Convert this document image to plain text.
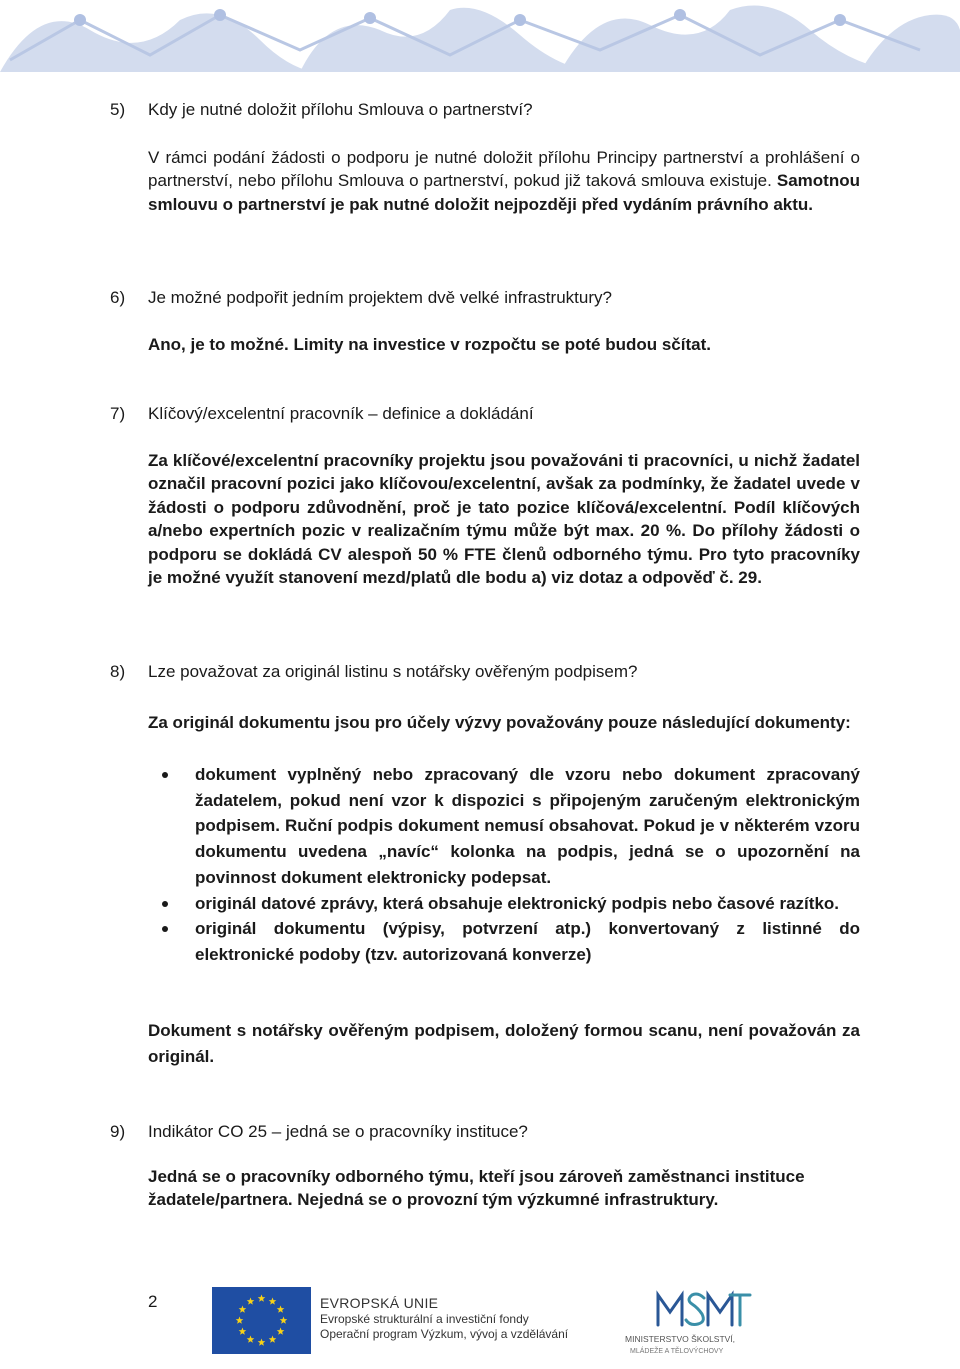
5) Kdy je nutné doložit přílohu Smlouva o partnerství?

V rámci podání žádosti o podporu je nutné doložit přílohu Principy partnerství a prohlášení o partnerství, nebo přílohu Smlouva o partnerství, pokud již taková smlouva existuje. Samotnou smlouvu o partnerství je pak nutné doložit nejpozději před vydáním právního aktu.

6) Je možné podpořit jedním projektem dvě velké infrastruktury?

Ano, je to možné. Limity na investice v rozpočtu se poté budou sčítat.

7) Klíčový/excelentní pracovník – definice a dokládání

Za klíčové/excelentní pracovníky projektu jsou považováni ti pracovníci, u nichž žadatel označil pracovní pozici jako klíčovou/excelentní, avšak za podmínky, že žadatel uvede v žádosti o podporu zdůvodnění, proč je tato pozice klíčová/excelentní. Podíl klíčových a/nebo expertních pozic v realizačním týmu může být max. 20 %. Do přílohy žádosti o podporu se dokládá CV alespoň 50 % FTE členů odborného týmu. Pro tyto pracovníky je možné využít stanovení mezd/platů dle bodu a) viz dotaz a odpověď č. 29.

8) Lze považovat za originál listinu s notářsky ověřeným podpisem?

Za originál dokumentu jsou pro účely výzvy považovány pouze následující dokumenty:

dokument vyplněný nebo zpracovaný dle vzoru nebo dokument zpracovaný žadatelem, pokud není vzor k dispozici s připojeným zaručeným elektronickým podpisem. Ruční podpis dokument nemusí obsahovat. Pokud je v některém vzoru dokumentu uvedena „navíc“ kolonka na podpis, jedná se o upozornění na povinnost dokument elektronicky podepsat.
originál datové zprávy, která obsahuje elektronický podpis nebo časové razítko.
originál dokumentu (výpisy, potvrzení atp.) konvertovaný z listinné do elektronické podoby (tzv. autorizovaná konverze)

Dokument s notářsky ověřeným podpisem, doložený formou scanu, není považován za originál.

9) Indikátor CO 25 – jedná se o pracovníky instituce?

Jedná se o pracovníky odborného týmu, kteří jsou zároveň zaměstnanci instituce žadatele/partnera. Nejedná se o provozní tým výzkumné infrastruktury.

2	EVROPSKÁ UNIE
Evropské strukturální a investiční fondy
Operační program Výzkum, vývoj a vzdělávání	MINISTERSTVO ŠKOLSTVÍ,
MLÁDEŽE A TĚLOVÝCHOVY
